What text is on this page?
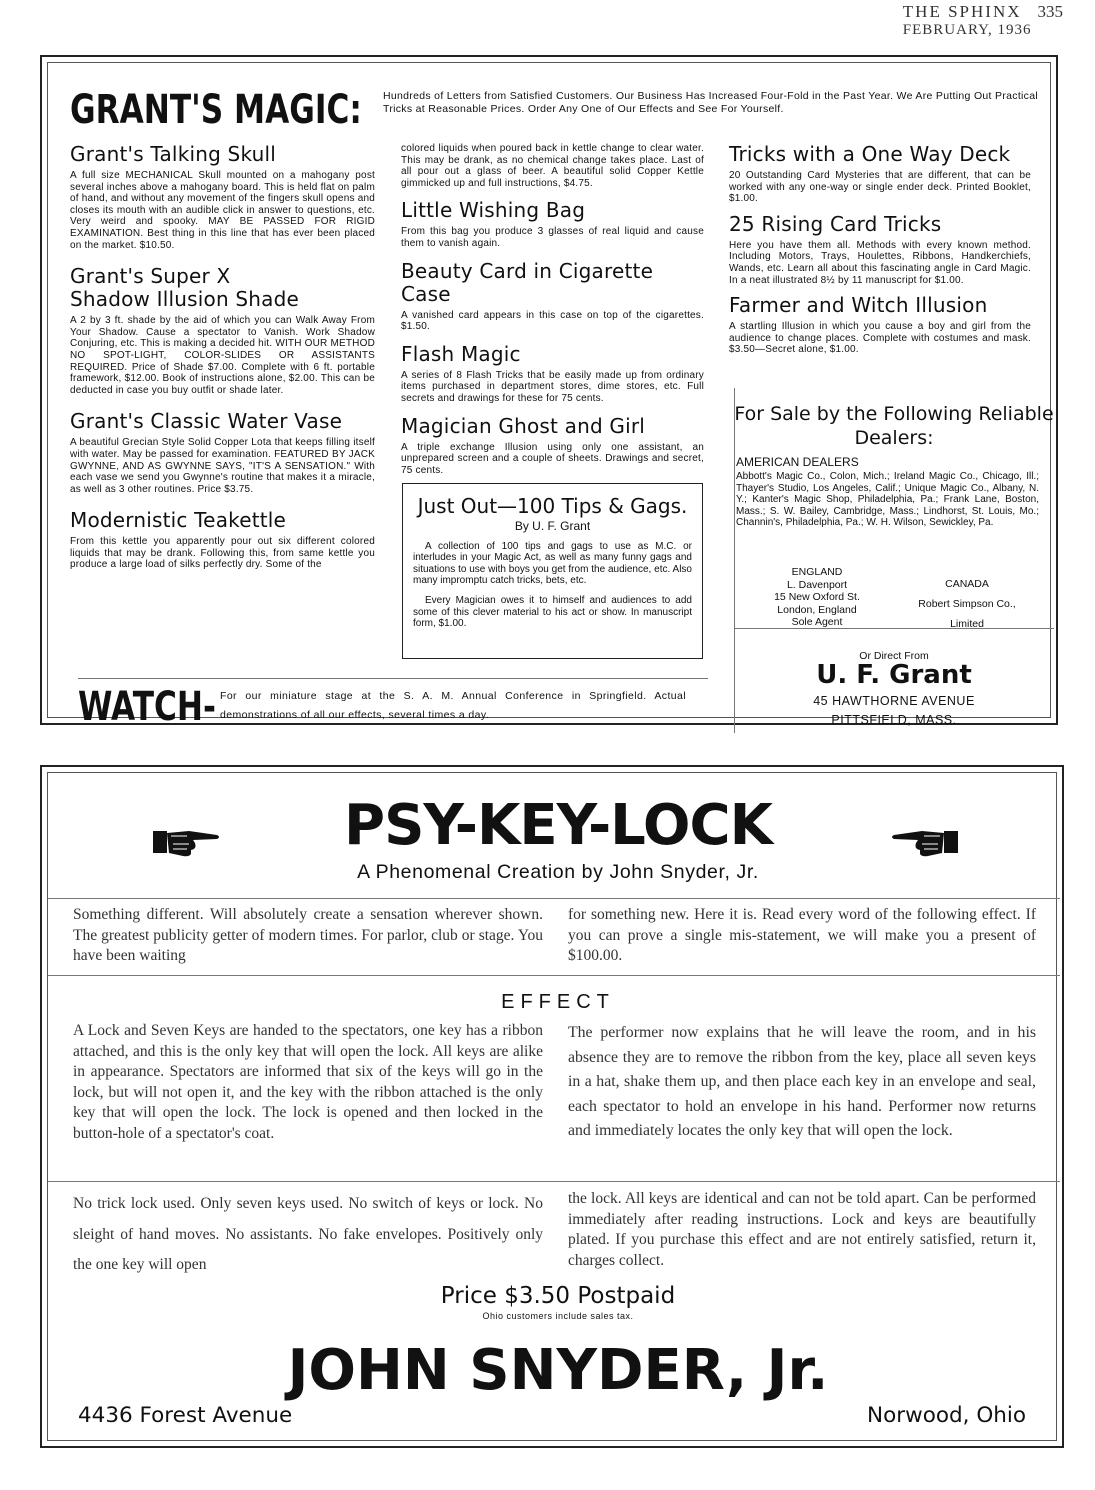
THE SPHINX 335
FEBRUARY, 1936
GRANT'S MAGIC: Hundreds of Letters from Satisfied Customers. Our Business Has Increased Four-Fold in the Past Year. We Are Putting Out Practical Tricks at Reasonable Prices. Order Any One of Our Effects and See For Yourself.
Grant's Talking Skull

A full size MECHANICAL Skull mounted on a mahogany post several inches above a mahogany board. This is held flat on palm of hand, and without any movement of the fingers skull opens and closes its mouth with an audible click in answer to questions, etc. Very weird and spooky. MAY BE PASSED FOR RIGID EXAMINATION. Best thing in this line that has ever been placed on the market. $10.50.

Grant's Super X
Shadow Illusion Shade

A 2 by 3 ft. shade by the aid of which you can Walk Away From Your Shadow. Cause a spectator to Vanish. Work Shadow Conjuring, etc. This is making a decided hit. WITH OUR METHOD NO SPOT-LIGHT, COLOR-SLIDES OR ASSISTANTS REQUIRED. Price of Shade $7.00. Complete with 6 ft. portable framework, $12.00. Book of instructions alone, $2.00. This can be deducted in case you buy outfit or shade later.

Grant's Classic Water Vase

A beautiful Grecian Style Solid Copper Lota that keeps filling itself with water. May be passed for examination. FEATURED BY JACK GWYNNE, AND AS GWYNNE SAYS, "IT'S A SENSATION." With each vase we send you Gwynne's routine that makes it a miracle, as well as 3 other routines. Price $3.75.

Modernistic Teakettle

From this kettle you apparently pour out six different colored liquids that may be drank. Following this, from same kettle you produce a large load of silks perfectly dry. Some of the

colored liquids when poured back in kettle change to clear water. This may be drank, as no chemical change takes place. Last of all pour out a glass of beer. A beautiful solid Copper Kettle gimmicked up and full instructions, $4.75.

Little Wishing Bag

From this bag you produce 3 glasses of real liquid and cause them to vanish again.

Beauty Card in Cigarette Case

A vanished card appears in this case on top of the cigarettes. $1.50.

Flash Magic

A series of 8 Flash Tricks that be easily made up from ordinary items purchased in department stores, dime stores, etc. Full secrets and drawings for these for 75 cents.

Magician Ghost and Girl

A triple exchange Illusion using only one assistant, an unprepared screen and a couple of sheets. Drawings and secret, 75 cents.

Just Out—100 Tips & Gags.
By U. F. Grant

A collection of 100 tips and gags to use as M.C. or interludes in your Magic Act, as well as many funny gags and situations to use with boys you get from the audience, etc. Also many impromptu catch tricks, bets, etc.

Every Magician owes it to himself and audiences to add some of this clever material to his act or show. In manuscript form, $1.00.

Tricks with a One Way Deck

20 Outstanding Card Mysteries that are different, that can be worked with any one-way or single ender deck. Printed Booklet, $1.00.

25 Rising Card Tricks

Here you have them all. Methods with every known method. Including Motors, Trays, Houlettes, Ribbons, Handkerchiefs, Wands, etc. Learn all about this fascinating angle in Card Magic. In a neat illustrated 8½ by 11 manuscript for $1.00.

Farmer and Witch Illusion

A startling Illusion in which you cause a boy and girl from the audience to change places. Complete with costumes and mask. $3.50—Secret alone, $1.00.

For Sale by the Following Reliable Dealers:
AMERICAN DEALERS
Abbott's Magic Co., Colon, Mich.; Ireland Magic Co., Chicago, Ill.; Thayer's Studio, Los Angeles, Calif.; Unique Magic Co., Albany, N. Y.; Kanter's Magic Shop, Philadelphia, Pa.; Frank Lane, Boston, Mass.; S. W. Bailey, Cambridge, Mass.; Lindhorst, St. Louis, Mo.; Channin's, Philadelphia, Pa.; W. H. Wilson, Sewickley, Pa.
ENGLAND
L. Davenport
15 New Oxford St.
London, England
Sole Agent
CANADA
Robert Simpson Co.,
Limited
Or Direct From
U. F. Grant
45 HAWTHORNE AVENUE
PITTSFIELD, MASS.
WATCH- For our miniature stage at the S. A. M. Annual Conference in Springfield. Actual demonstrations of all our effects, several times a day.
PSY-KEY-LOCK
A Phenomenal Creation by John Snyder, Jr.
Something different. Will absolutely create a sensation wherever shown. The greatest publicity getter of modern times. For parlor, club or stage. You have been waiting
for something new. Here it is. Read every word of the following effect. If you can prove a single mis-statement, we will make you a present of $100.00.
EFFECT
A Lock and Seven Keys are handed to the spectators, one key has a ribbon attached, and this is the only key that will open the lock. All keys are alike in appearance. Spectators are informed that six of the keys will go in the lock, but will not open it, and the key with the ribbon attached is the only key that will open the lock. The lock is opened and then locked in the button-hole of a spectator's coat.
The performer now explains that he will leave the room, and in his absence they are to remove the ribbon from the key, place all seven keys in a hat, shake them up, and then place each key in an envelope and seal, each spectator to hold an envelope in his hand. Performer now returns and immediately locates the only key that will open the lock.
No trick lock used. Only seven keys used. No switch of keys or lock. No sleight of hand moves. No assistants. No fake envelopes. Positively only the one key will open
the lock. All keys are identical and can not be told apart. Can be performed immediately after reading instructions. Lock and keys are beautifully plated. If you purchase this effect and are not entirely satisfied, return it, charges collect.
Price $3.50 Postpaid
Ohio customers include sales tax.
JOHN SNYDER, Jr.
4436 Forest Avenue	Norwood, Ohio
